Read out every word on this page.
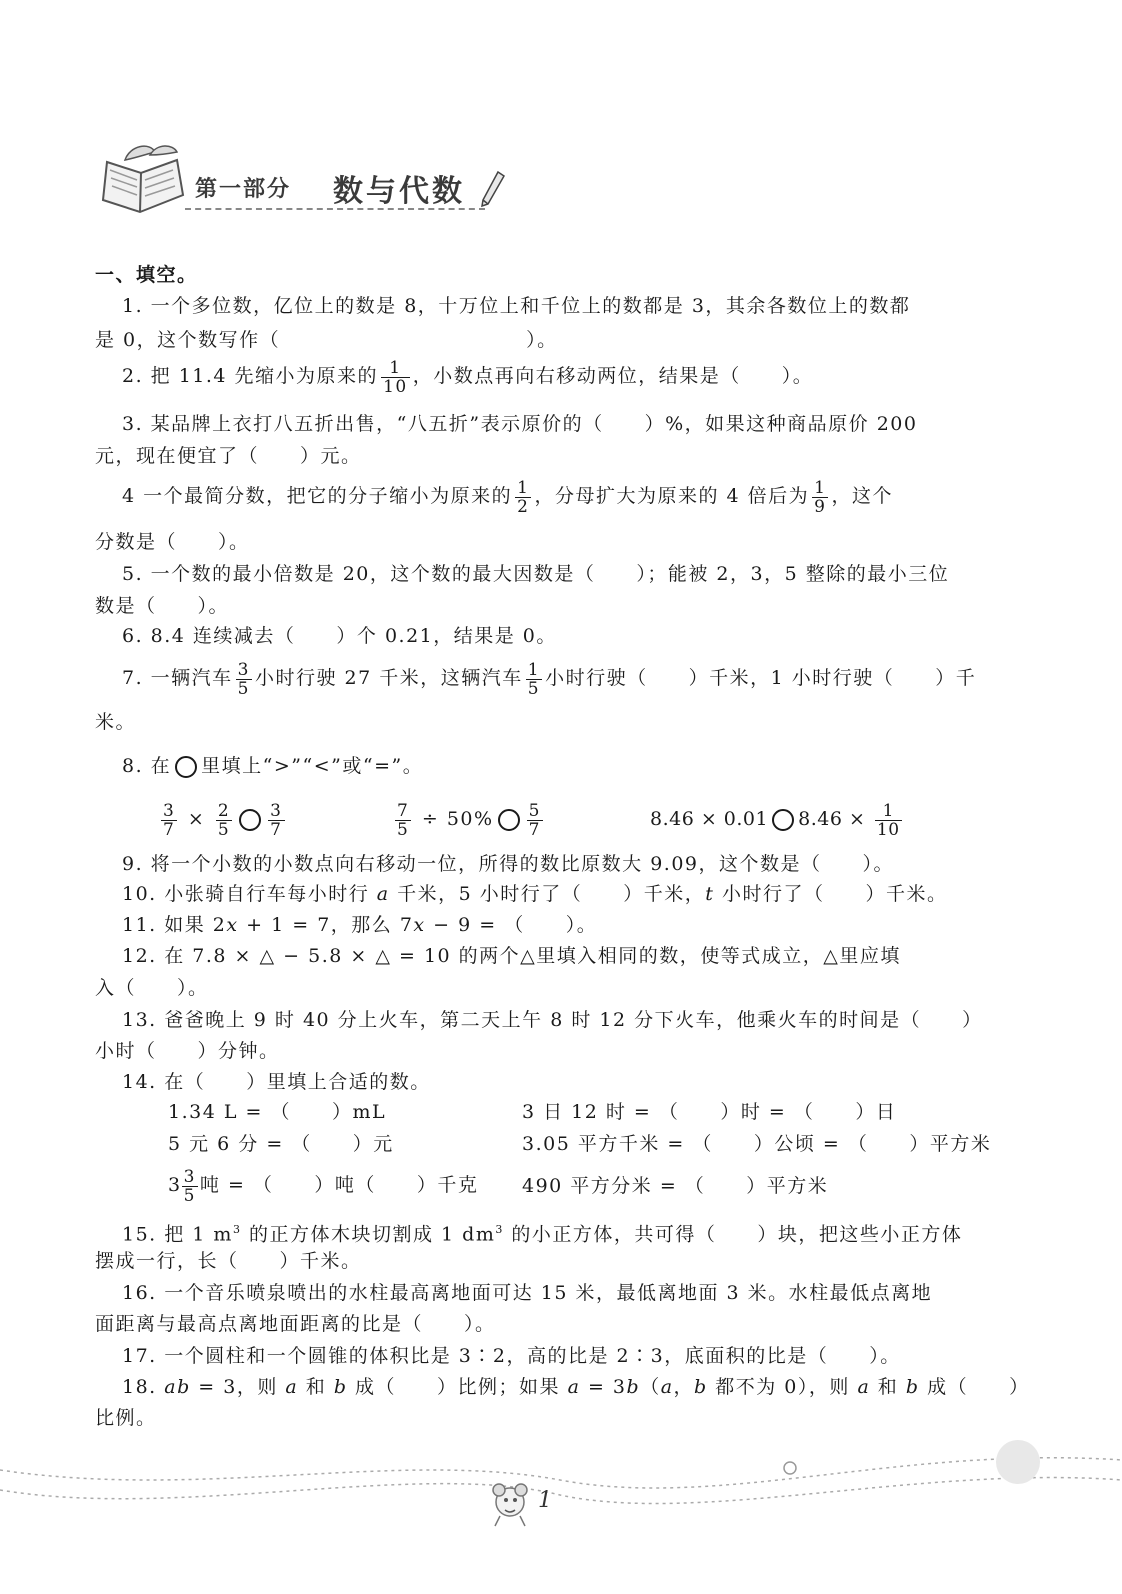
第一部分 数与代数
一、填空。
1. 一个多位数，亿位上的数是 8，十万位上和千位上的数都是 3，其余各数位上的数都
是 0，这个数写作（　　　　　　　　　　　　）。
2. 把 11.4 先缩小为原来的 $\frac{1}{10}$ ，小数点再向右移动两位，结果是（　　）。
3. 某品牌上衣打八五折出售，“八五折”表示原价的（　　）%，如果这种商品原价 200
元，现在便宜了（　　）元。
4 一个最简分数，把它的分子缩小为原来的 $\frac{1}{2}$ ，分母扩大为原来的 4 倍后为 $\frac{1}{9}$ ，这个
分数是（　　）。
5. 一个数的最小倍数是 20，这个数的最大因数是（　　）；能被 2，3，5 整除的最小三位
数是（　　）。
6. 8.4 连续减去（　　）个 0.21，结果是 0。
7. 一辆汽车 $\frac{3}{5}$ 小时行驶 27 千米，这辆汽车 $\frac{1}{5}$ 小时行驶（　　）千米，1 小时行驶（　　）千
米。
8. 在 里填上“>”“<”或“=”。
$\frac{3}{7} \times \frac{2}{5} \frac{3}{7}$	$\frac{7}{5} \div 50\% \frac{5}{7}$	8.46 × 0.01 $8.46 \times \frac{1}{10}$
9. 将一个小数的小数点向右移动一位，所得的数比原数大 9.09，这个数是（　　）。
10. 小张骑自行车每小时行 a 千米，5 小时行了（　　）千米，t 小时行了（　　）千米。
11. 如果 2x + 1 = 7，那么 7x − 9 = （　　）。
12. 在 7.8 × △ − 5.8 × △ = 10 的两个△里填入相同的数，使等式成立，△里应填
入（　　）。
13. 爸爸晚上 9 时 40 分上火车，第二天上午 8 时 12 分下火车，他乘火车的时间是（　　）
小时（　　）分钟。
14. 在（　　）里填上合适的数。
1.34 L = （　　）mL	3 日 12 时 = （　　）时 = （　　）日
5 元 6 分 = （　　）元	3.05 平方千米 = （　　）公顷 = （　　）平方米
$3 \frac{3}{5}$ 吨 = （　　）吨（　　）千克 490 平方分米 = （　　）平方米
15. 把 1 $m^3$ 的正方体木块切割成 1 $dm^3$ 的小正方体，共可得（　　）块，把这些小正方体
摆成一行，长（　　）千米。
16. 一个音乐喷泉喷出的水柱最高离地面可达 15 米，最低离地面 3 米。水柱最低点离地
面距离与最高点离地面距离的比是（　　）。
17. 一个圆柱和一个圆锥的体积比是 3∶2，高的比是 2∶3，底面积的比是（　　）。
18. ab = 3，则 a 和 b 成（　　）比例；如果 a = 3b（a，b 都不为 0），则 a 和 b 成（　　）
比例。
1
